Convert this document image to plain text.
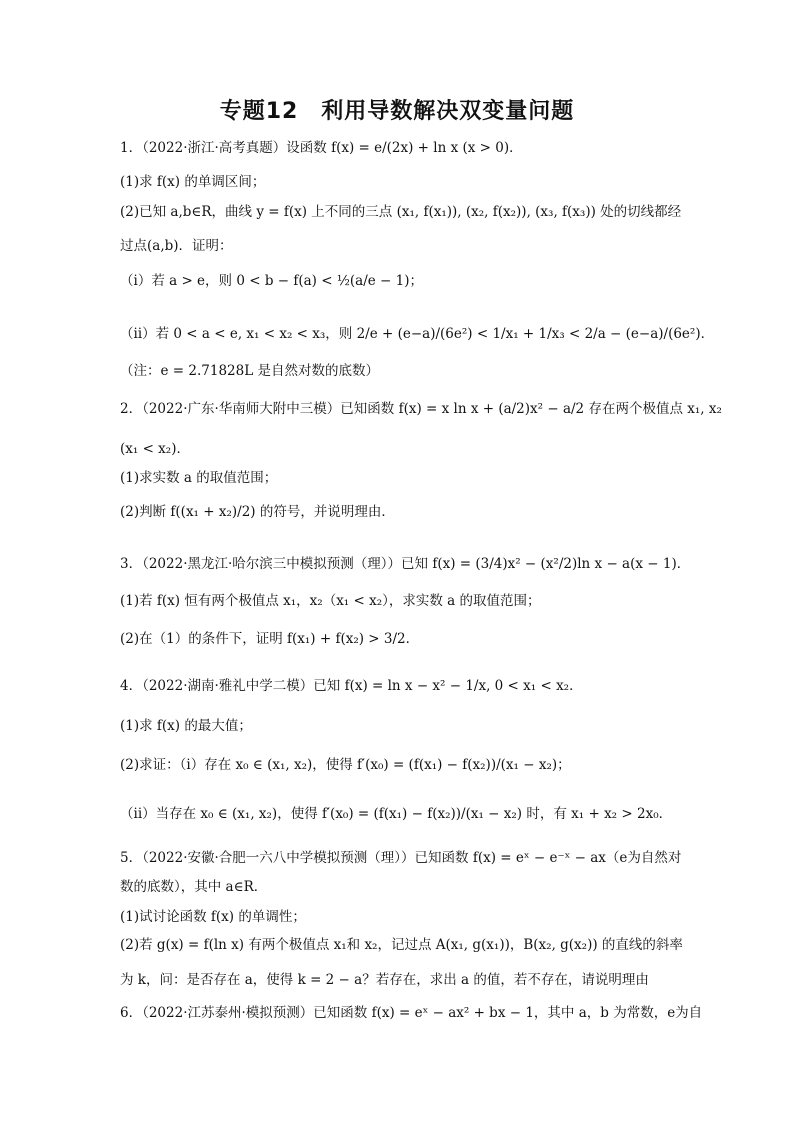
专题12　利用导数解决双变量问题
1．（2022·浙江·高考真题）设函数 f(x) = e/(2x) + ln x (x > 0)．
(1)求 f(x) 的单调区间；
(2)已知 a,b∈R，曲线 y = f(x) 上不同的三点 (x₁, f(x₁)), (x₂, f(x₂)), (x₃, f(x₃)) 处的切线都经
过点(a,b)．证明：
（ⅰ）若 a > e，则 0 < b − f(a) < ½(a/e − 1)；
（ⅱ）若 0 < a < e, x₁ < x₂ < x₃，则 2/e + (e−a)/(6e²) < 1/x₁ + 1/x₃ < 2/a − (e−a)/(6e²)．
（注：e = 2.71828L 是自然对数的底数）
2．（2022·广东·华南师大附中三模）已知函数 f(x) = x ln x + (a/2)x² − a/2 存在两个极值点 x₁, x₂
(x₁ < x₂)．
(1)求实数 a 的取值范围；
(2)判断 f((x₁ + x₂)/2) 的符号，并说明理由．
3．（2022·黑龙江·哈尔滨三中模拟预测（理））已知 f(x) = (3/4)x² − (x²/2)ln x − a(x − 1)．
(1)若 f(x) 恒有两个极值点 x₁，x₂（x₁ < x₂），求实数 a 的取值范围；
(2)在（1）的条件下，证明 f(x₁) + f(x₂) > 3/2．
4．（2022·湖南·雅礼中学二模）已知 f(x) = ln x − x² − 1/x, 0 < x₁ < x₂．
(1)求 f(x) 的最大值；
(2)求证：（i）存在 x₀ ∈ (x₁, x₂)，使得 f′(x₀) = (f(x₁) − f(x₂))/(x₁ − x₂)；
（ii）当存在 x₀ ∈ (x₁, x₂)，使得 f′(x₀) = (f(x₁) − f(x₂))/(x₁ − x₂) 时，有 x₁ + x₂ > 2x₀．
5．（2022·安徽·合肥一六八中学模拟预测（理））已知函数 f(x) = eˣ − e⁻ˣ − ax（e为自然对
数的底数），其中 a∈R．
(1)试讨论函数 f(x) 的单调性；
(2)若 g(x) = f(ln x) 有两个极值点 x₁和 x₂，记过点 A(x₁, g(x₁))，B(x₂, g(x₂)) 的直线的斜率
为 k，问：是否存在 a，使得 k = 2 − a？若存在，求出 a 的值，若不存在，请说明理由
6．（2022·江苏泰州·模拟预测）已知函数 f(x) = eˣ − ax² + bx − 1，其中 a，b 为常数，e为自
